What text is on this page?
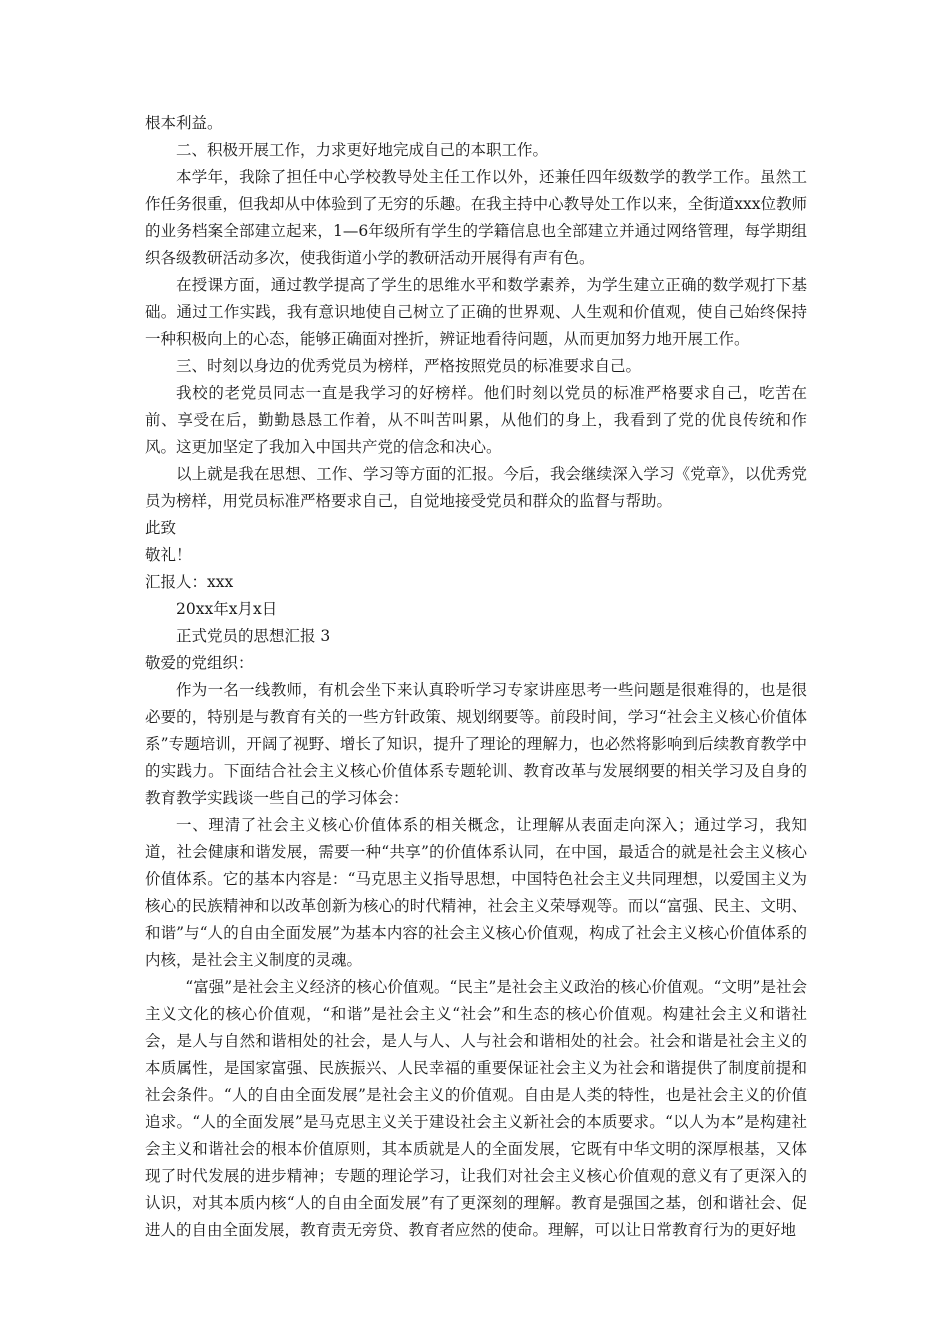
根本利益。

二、积极开展工作，力求更好地完成自己的本职工作。

本学年，我除了担任中心学校教导处主任工作以外，还兼任四年级数学的教学工作。虽然工作任务很重，但我却从中体验到了无穷的乐趣。在我主持中心教导处工作以来，全街道xxx位教师的业务档案全部建立起来，1—6年级所有学生的学籍信息也全部建立并通过网络管理，每学期组织各级教研活动多次，使我街道小学的教研活动开展得有声有色。

在授课方面，通过教学提高了学生的思维水平和数学素养，为学生建立正确的数学观打下基础。通过工作实践，我有意识地使自己树立了正确的世界观、人生观和价值观，使自己始终保持一种积极向上的心态，能够正确面对挫折，辨证地看待问题，从而更加努力地开展工作。

三、时刻以身边的优秀党员为榜样，严格按照党员的标准要求自己。

我校的老党员同志一直是我学习的好榜样。他们时刻以党员的标准严格要求自己，吃苦在前、享受在后，勤勤恳恳工作着，从不叫苦叫累，从他们的身上，我看到了党的优良传统和作风。这更加坚定了我加入中国共产党的信念和决心。

以上就是我在思想、工作、学习等方面的汇报。今后，我会继续深入学习《党章》，以优秀党员为榜样，用党员标准严格要求自己，自觉地接受党员和群众的监督与帮助。

此致

敬礼！

汇报人：xxx

20xx年x月x日

正式党员的思想汇报 3

敬爱的党组织：

作为一名一线教师，有机会坐下来认真聆听学习专家讲座思考一些问题是很难得的，也是很必要的，特别是与教育有关的一些方针政策、规划纲要等。前段时间，学习“社会主义核心价值体系”专题培训，开阔了视野、增长了知识，提升了理论的理解力，也必然将影响到后续教育教学中的实践力。下面结合社会主义核心价值体系专题轮训、教育改革与发展纲要的相关学习及自身的教育教学实践谈一些自己的学习体会：

一、理清了社会主义核心价值体系的相关概念，让理解从表面走向深入；通过学习，我知道，社会健康和谐发展，需要一种“共享”的价值体系认同，在中国，最适合的就是社会主义核心价值体系。它的基本内容是：“马克思主义指导思想，中国特色社会主义共同理想，以爱国主义为核心的民族精神和以改革创新为核心的时代精神，社会主义荣辱观等。而以“富强、民主、文明、和谐”与“人的自由全面发展”为基本内容的社会主义核心价值观，构成了社会主义核心价值体系的内核，是社会主义制度的灵魂。

“富强”是社会主义经济的核心价值观。“民主”是社会主义政治的核心价值观。“文明”是社会主义文化的核心价值观，“和谐”是社会主义“社会”和生态的核心价值观。构建社会主义和谐社会，是人与自然和谐相处的社会，是人与人、人与社会和谐相处的社会。社会和谐是社会主义的本质属性，是国家富强、民族振兴、人民幸福的重要保证社会主义为社会和谐提供了制度前提和社会条件。“人的自由全面发展”是社会主义的价值观。自由是人类的特性，也是社会主义的价值追求。“人的全面发展”是马克思主义关于建设社会主义新社会的本质要求。“以人为本”是构建社会主义和谐社会的根本价值原则，其本质就是人的全面发展，它既有中华文明的深厚根基，又体现了时代发展的进步精神；专题的理论学习，让我们对社会主义核心价值观的意义有了更深入的认识，对其本质内核“人的自由全面发展”有了更深刻的理解。教育是强国之基，创和谐社会、促进人的自由全面发展，教育责无旁贷、教育者应然的使命。理解，可以让日常教育行为的更好地
